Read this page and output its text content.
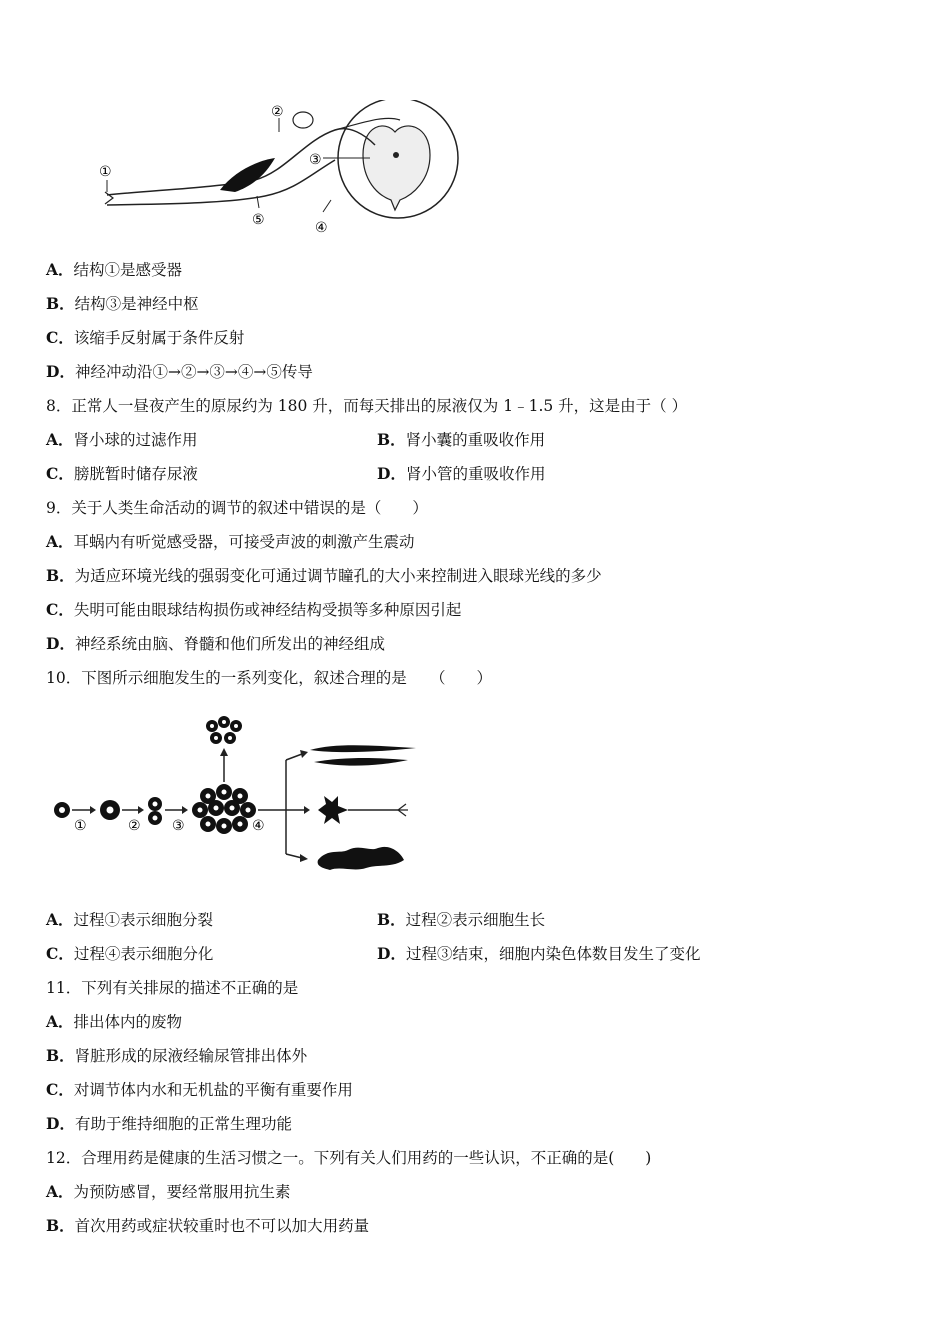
①
②
③
④
⑤
A．结构①是感受器
B．结构③是神经中枢
C．该缩手反射属于条件反射
D．神经冲动沿①→②→③→④→⑤传导
8．正常人一昼夜产生的原尿约为 180 升，而每天排出的尿液仅为 1﹣1.5 升，这是由于（ ）
A．肾小球的过滤作用	B．肾小囊的重吸收作用
C．膀胱暂时储存尿液	D．肾小管的重吸收作用
9．关于人类生命活动的调节的叙述中错误的是（　　）
A．耳蜗内有听觉感受器，可接受声波的刺激产生震动
B．为适应环境光线的强弱变化可通过调节瞳孔的大小来控制进入眼球光线的多少
C．失明可能由眼球结构损伤或神经结构受损等多种原因引起
D．神经系统由脑、脊髓和他们所发出的神经组成
10．下图所示细胞发生的一系列变化，叙述合理的是　　（　　）
①	② ③	④
A．过程①表示细胞分裂	B．过程②表示细胞生长
C．过程④表示细胞分化	D．过程③结束，细胞内染色体数目发生了变化
11．下列有关排尿的描述不正确的是
A．排出体内的废物
B．肾脏形成的尿液经输尿管排出体外
C．对调节体内水和无机盐的平衡有重要作用
D．有助于维持细胞的正常生理功能
12．合理用药是健康的生活习惯之一。下列有关人们用药的一些认识，不正确的是(　　)
A．为预防感冒，要经常服用抗生素
B．首次用药或症状较重时也不可以加大用药量
